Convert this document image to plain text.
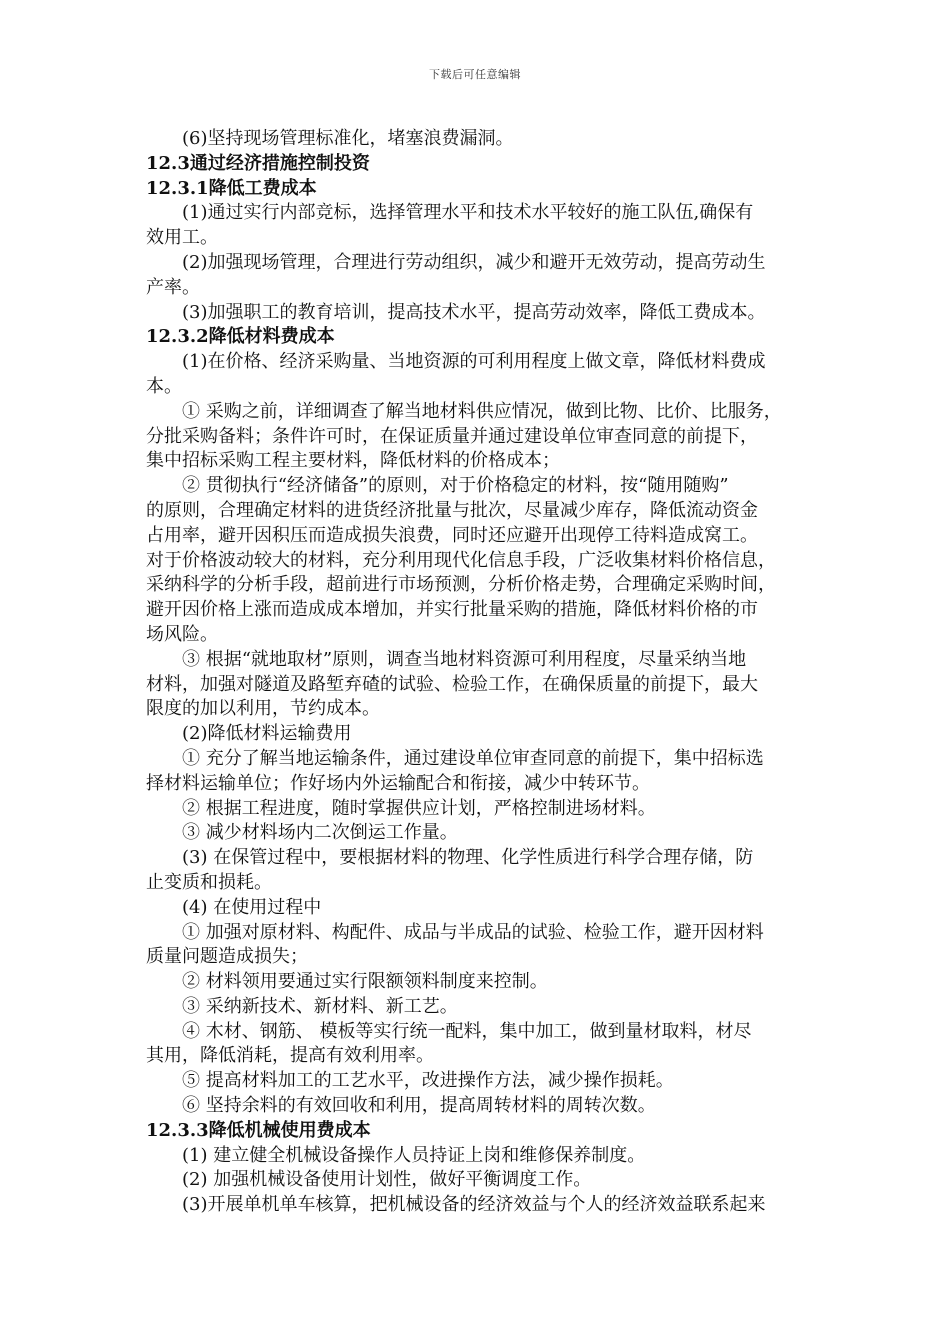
下载后可任意编辑
(6)坚持现场管理标准化，堵塞浪费漏洞。
12.3通过经济措施控制投资
12.3.1降低工费成本
(1)通过实行内部竞标，选择管理水平和技术水平较好的施工队伍,确保有
效用工。
(2)加强现场管理，合理进行劳动组织，减少和避开无效劳动，提高劳动生
产率。
(3)加强职工的教育培训，提高技术水平，提高劳动效率，降低工费成本。
12.3.2降低材料费成本
(1)在价格、经济采购量、当地资源的可利用程度上做文章，降低材料费成
本。
① 采购之前，详细调查了解当地材料供应情况，做到比物、比价、比服务，
分批采购备料；条件许可时，在保证质量并通过建设单位审查同意的前提下，
集中招标采购工程主要材料，降低材料的价格成本；
② 贯彻执行“经济储备”的原则，对于价格稳定的材料，按“随用随购”
的原则，合理确定材料的进货经济批量与批次，尽量减少库存，降低流动资金
占用率，避开因积压而造成损失浪费，同时还应避开出现停工待料造成窝工。
对于价格波动较大的材料，充分利用现代化信息手段，广泛收集材料价格信息，
采纳科学的分析手段，超前进行市场预测，分析价格走势，合理确定采购时间，
避开因价格上涨而造成成本增加，并实行批量采购的措施，降低材料价格的市
场风险。
③ 根据“就地取材”原则，调查当地材料资源可利用程度，尽量采纳当地
材料，加强对隧道及路堑弃碴的试验、检验工作，在确保质量的前提下，最大
限度的加以利用，节约成本。
(2)降低材料运输费用
① 充分了解当地运输条件，通过建设单位审查同意的前提下，集中招标选
择材料运输单位；作好场内外运输配合和衔接，减少中转环节。
② 根据工程进度，随时掌握供应计划，严格控制进场材料。
③ 减少材料场内二次倒运工作量。
(3) 在保管过程中，要根据材料的物理、化学性质进行科学合理存储，防
止变质和损耗。
(4) 在使用过程中
① 加强对原材料、构配件、成品与半成品的试验、检验工作，避开因材料
质量问题造成损失；
② 材料领用要通过实行限额领料制度来控制。
③ 采纳新技术、新材料、新工艺。
④ 木材、钢筋、 模板等实行统一配料，集中加工，做到量材取料，材尽
其用，降低消耗，提高有效利用率。
⑤ 提高材料加工的工艺水平，改进操作方法，减少操作损耗。
⑥ 坚持余料的有效回收和利用，提高周转材料的周转次数。
12.3.3降低机械使用费成本
(1) 建立健全机械设备操作人员持证上岗和维修保养制度。
(2) 加强机械设备使用计划性，做好平衡调度工作。
(3)开展单机单车核算，把机械设备的经济效益与个人的经济效益联系起来
